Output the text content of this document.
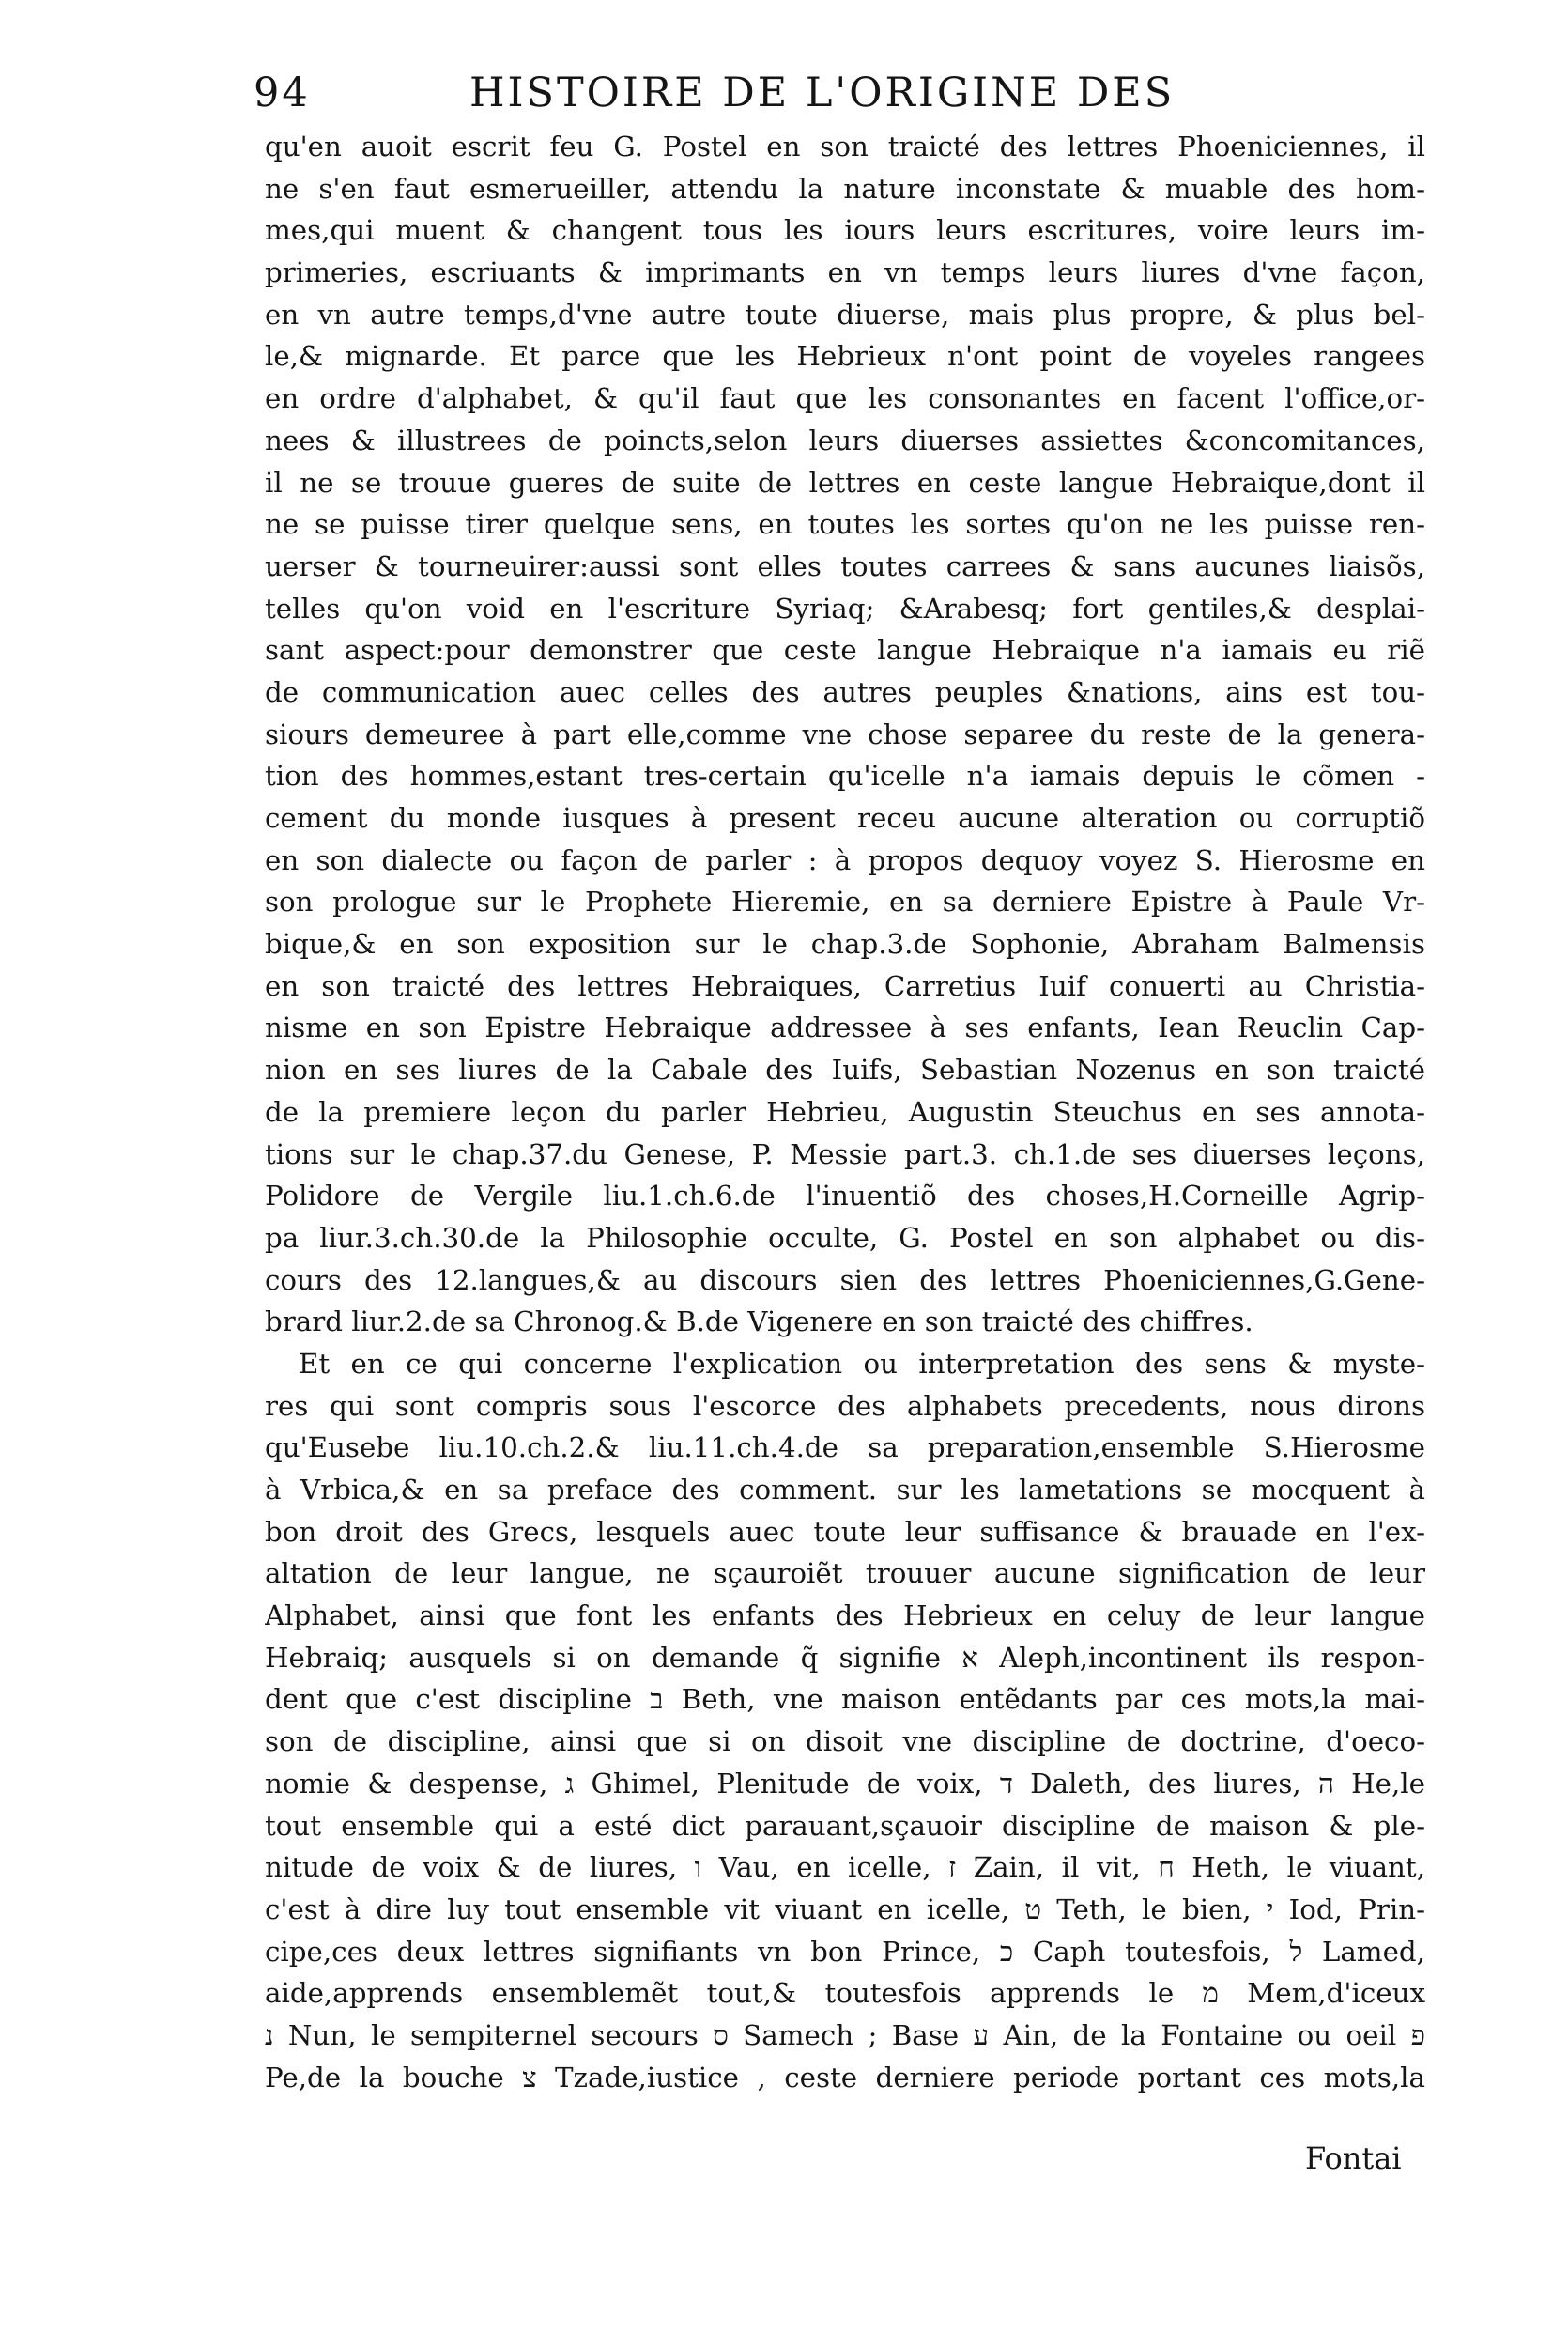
94	HISTOIRE DE L'ORIGINE DES
qu'en auoit escrit feu G. Postel en son traicté des lettres Phoeniciennes, il
ne s'en faut esmerueiller, attendu la nature inconstate & muable des hom-
mes,qui muent & changent tous les iours leurs escritures, voire leurs im-
primeries, escriuants & imprimants en vn temps leurs liures d'vne façon,
en vn autre temps,d'vne autre toute diuerse, mais plus propre, & plus bel-
le,& mignarde. Et parce que les Hebrieux n'ont point de voyeles rangees
en ordre d'alphabet, & qu'il faut que les consonantes en facent l'office,or-
nees & illustrees de poincts,selon leurs diuerses assiettes &concomitances,
il ne se trouue gueres de suite de lettres en ceste langue Hebraique,dont il
ne se puisse tirer quelque sens, en toutes les sortes qu'on ne les puisse ren-
uerser & tourneuirer:aussi sont elles toutes carrees & sans aucunes liaisõs,
telles qu'on void en l'escriture Syriaq; &Arabesq; fort gentiles,& desplai-
sant aspect:pour demonstrer que ceste langue Hebraique n'a iamais eu riẽ
de communication auec celles des autres peuples &nations, ains est tou-
siours demeuree à part elle,comme vne chose separee du reste de la genera-
tion des hommes,estant tres-certain qu'icelle n'a iamais depuis le cõmen -
cement du monde iusques à present receu aucune alteration ou corruptiõ
en son dialecte ou façon de parler : à propos dequoy voyez S. Hierosme en
son prologue sur le Prophete Hieremie, en sa derniere Epistre à Paule Vr-
bique,& en son exposition sur le chap.3.de Sophonie, Abraham Balmensis
en son traicté des lettres Hebraiques, Carretius Iuif conuerti au Christia-
nisme en son Epistre Hebraique addressee à ses enfants, Iean Reuclin Cap-
nion en ses liures de la Cabale des Iuifs, Sebastian Nozenus en son traicté
de la premiere leçon du parler Hebrieu, Augustin Steuchus en ses annota-
tions sur le chap.37.du Genese, P. Messie part.3. ch.1.de ses diuerses leçons,
Polidore de Vergile liu.1.ch.6.de l'inuentiõ des choses,H.Corneille Agrip-
pa liur.3.ch.30.de la Philosophie occulte, G. Postel en son alphabet ou dis-
cours des 12.langues,& au discours sien des lettres Phoeniciennes,G.Gene-
brard liur.2.de sa Chronog.& B.de Vigenere en son traicté des chiffres.
Et en ce qui concerne l'explication ou interpretation des sens & myste-
res qui sont compris sous l'escorce des alphabets precedents, nous dirons
qu'Eusebe liu.10.ch.2.& liu.11.ch.4.de sa preparation,ensemble S.Hierosme
à Vrbica,& en sa preface des comment. sur les lametations se mocquent à
bon droit des Grecs, lesquels auec toute leur suffisance & brauade en l'ex-
altation de leur langue, ne sçauroiẽt trouuer aucune signification de leur
Alphabet, ainsi que font les enfants des Hebrieux en celuy de leur langue
Hebraiq; ausquels si on demande q̃ signifie א Aleph,incontinent ils respon-
dent que c'est discipline ב Beth, vne maison entẽdants par ces mots,la mai-
son de discipline, ainsi que si on disoit vne discipline de doctrine, d'oeco-
nomie & despense, ג Ghimel, Plenitude de voix, ד Daleth, des liures, ה He,le
tout ensemble qui a esté dict parauant,sçauoir discipline de maison & ple-
nitude de voix & de liures, ו Vau, en icelle, ז Zain, il vit, ח Heth, le viuant,
c'est à dire luy tout ensemble vit viuant en icelle, ט Teth, le bien, י Iod, Prin-
cipe,ces deux lettres signifiants vn bon Prince, כ Caph toutesfois, ל Lamed,
aide,apprends ensemblemẽt tout,& toutesfois apprends le מ Mem,d'iceux
נ Nun, le sempiternel secours ס Samech ; Base ע Ain, de la Fontaine ou oeil פ
Pe,de la bouche צ Tzade,iustice , ceste derniere periode portant ces mots,la
Fontai
